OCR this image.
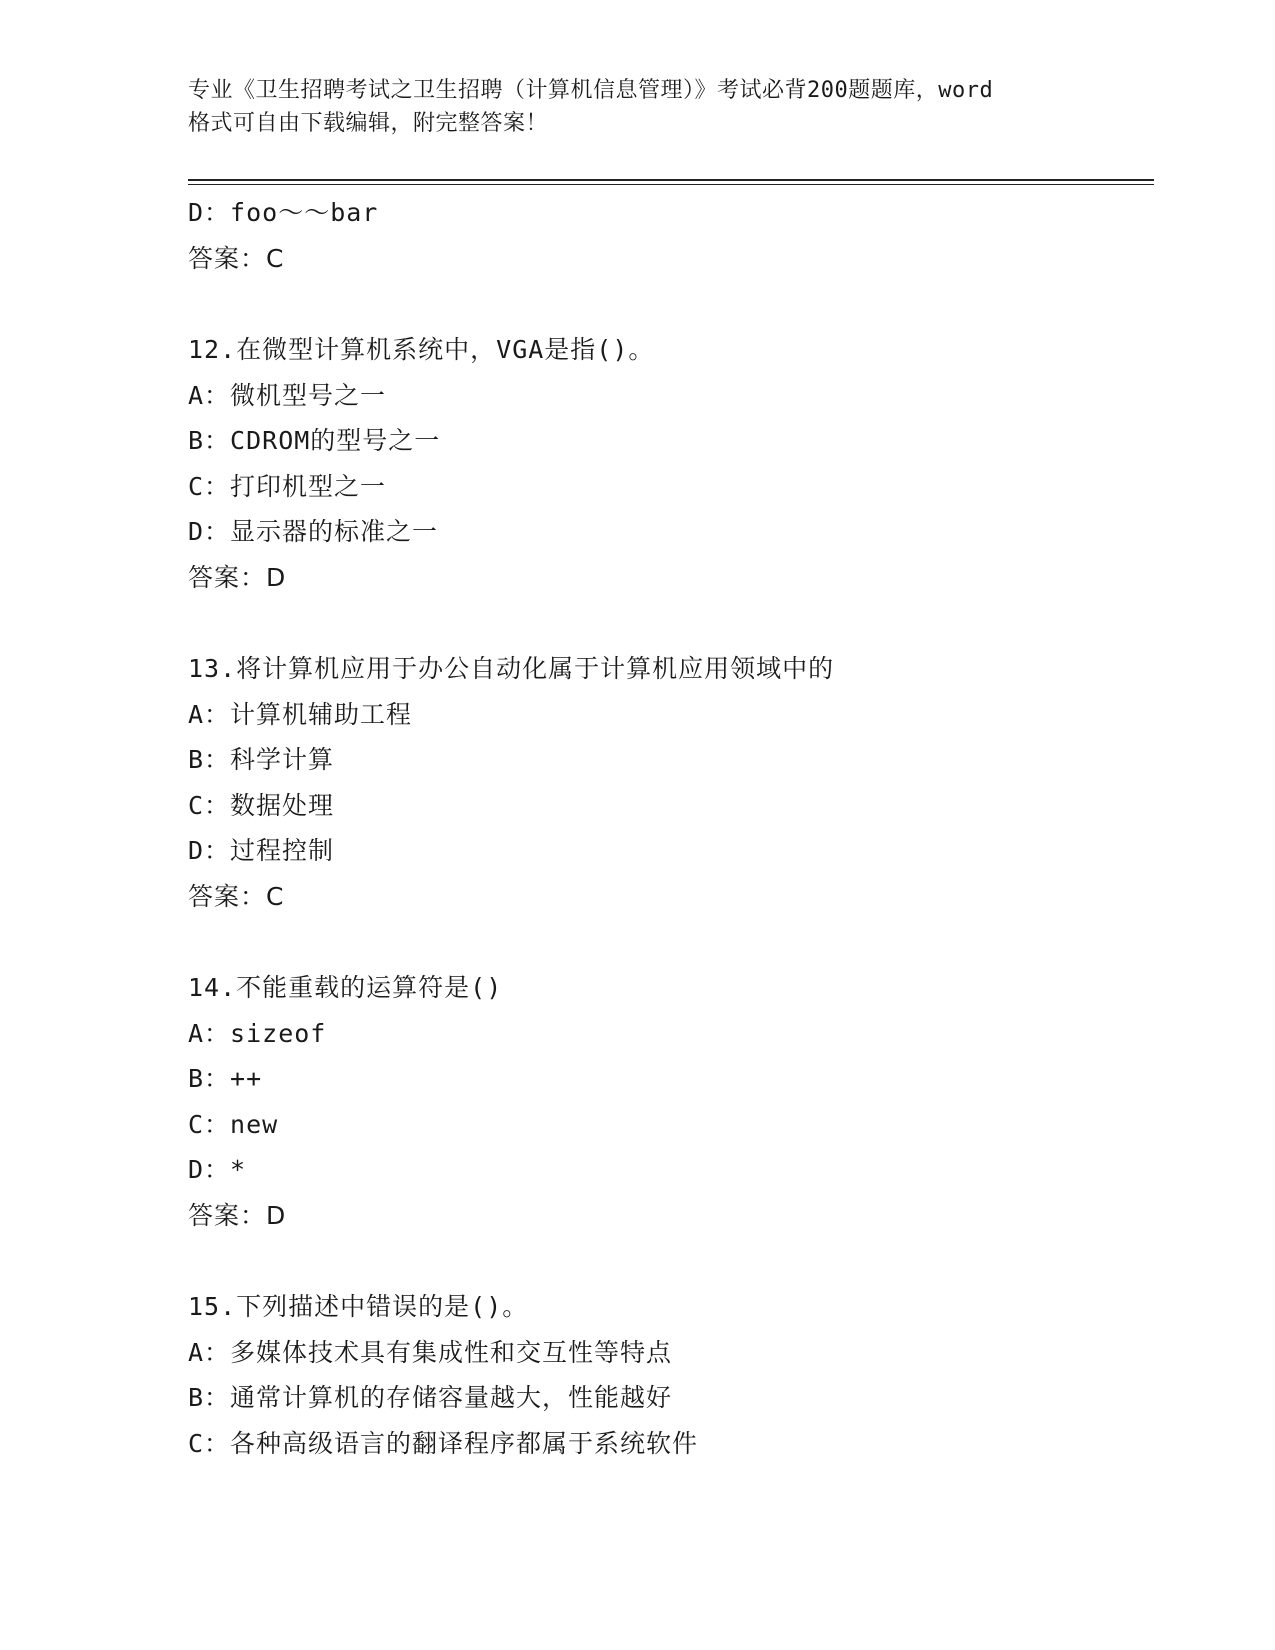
专业《卫生招聘考试之卫生招聘（计算机信息管理）》考试必背200题题库，word
格式可自由下载编辑，附完整答案！
D：foo～～bar
答案：C
12.在微型计算机系统中，VGA是指()。
A：微机型号之一
B：CDROM的型号之一
C：打印机型之一
D：显示器的标准之一
答案：D
13.将计算机应用于办公自动化属于计算机应用领域中的
A：计算机辅助工程
B：科学计算
C：数据处理
D：过程控制
答案：C
14.不能重载的运算符是()
A：sizeof
B：++
C：new
D：*
答案：D
15.下列描述中错误的是()。
A：多媒体技术具有集成性和交互性等特点
B：通常计算机的存储容量越大，性能越好
C：各种高级语言的翻译程序都属于系统软件
